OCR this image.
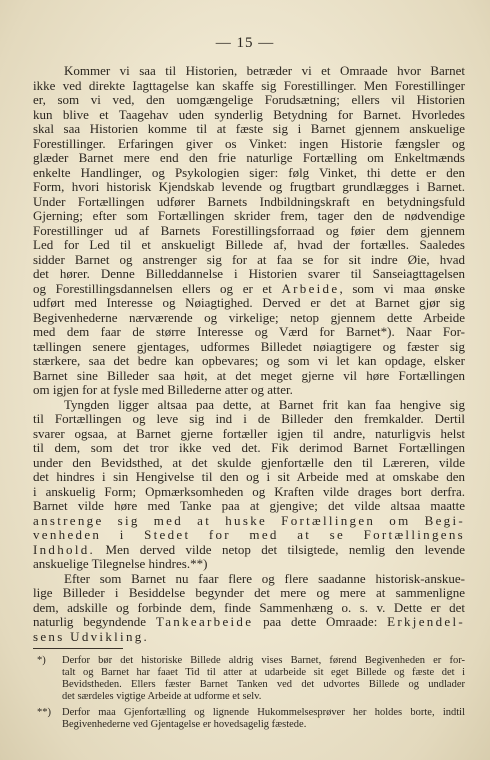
— 15 —
Kommer vi saa til Historien, betræder vi et Omraade hvor Barnet
ikke ved direkte Iagttagelse kan skaffe sig Forestillinger. Men Forestillinger
er, som vi ved, den uomgængelige Forudsætning; ellers vil Historien
kun blive et Taagehav uden synderlig Betydning for Barnet. Hvorledes
skal saa Historien komme til at fæste sig i Barnet gjennem anskuelige
Forestillinger. Erfaringen giver os Vinket: ingen Historie fængsler og
glæder Barnet mere end den frie naturlige Fortælling om Enkeltmænds
enkelte Handlinger, og Psykologien siger: følg Vinket, thi dette er den
Form, hvori historisk Kjendskab levende og frugtbart grundlægges i Barnet.
Under Fortællingen udfører Barnets Indbildningskraft en betydningsfuld
Gjerning; efter som Fortællingen skrider frem, tager den de nødvendige
Forestillinger ud af Barnets Forestillingsforraad og føier dem gjennem
Led for Led til et anskueligt Billede af, hvad der fortælles. Saaledes
sidder Barnet og anstrenger sig for at faa se for sit indre Øie, hvad
det hører. Denne Billeddannelse i Historien svarer til Sanseiagttagelsen
og Forestillingsdannelsen ellers og er et Arbeide, som vi maa ønske
udført med Interesse og Nøiagtighed. Derved er det at Barnet gjør sig
Begivenhederne nærværende og virkelige; netop gjennem dette Arbeide
med dem faar de større Interesse og Værd for Barnet*). Naar For-
tællingen senere gjentages, udformes Billedet nøiagtigere og fæster sig
stærkere, saa det bedre kan opbevares; og som vi let kan opdage, elsker
Barnet sine Billeder saa høit, at det meget gjerne vil høre Fortællingen
om igjen for at fysle med Billederne atter og atter.
Tyngden ligger altsaa paa dette, at Barnet frit kan faa hengive sig
til Fortællingen og leve sig ind i de Billeder den fremkalder. Dertil
svarer ogsaa, at Barnet gjerne fortæller igjen til andre, naturligvis helst
til dem, som det tror ikke ved det. Fik derimod Barnet Fortællingen
under den Bevidsthed, at det skulde gjenfortælle den til Læreren, vilde
det hindres i sin Hengivelse til den og i sit Arbeide med at omskabe den
i anskuelig Form; Opmærksomheden og Kraften vilde drages bort derfra.
Barnet vilde høre med Tanke paa at gjengive; det vilde altsaa maatte
anstrenge sig med at huske Fortællingen om Begi-
venheden i Stedet for med at se Fortællingens
Indhold. Men derved vilde netop det tilsigtede, nemlig den levende
anskuelige Tilegnelse hindres.**)
Efter som Barnet nu faar flere og flere saadanne historisk-anskue-
lige Billeder i Besiddelse begynder det mere og mere at sammenligne
dem, adskille og forbinde dem, finde Sammenhæng o. s. v. Dette er det
naturlig begyndende Tankearbeide paa dette Omraade: Erkjendel-
sens Udvikling.
*) Derfor bør det historiske Billede aldrig vises Barnet, førend Begivenheden er for-
talt og Barnet har faaet Tid til atter at udarbeide sit eget Billede og fæste det i
Bevidstheden. Ellers fæster Barnet Tanken ved det udvortes Billede og undlader
det særdeles vigtige Arbeide at udforme et selv.
**) Derfor maa Gjenfortælling og lignende Hukommelsesprøver her holdes borte, indtil
Begivenhederne ved Gjentagelse er hovedsagelig fæstede.
